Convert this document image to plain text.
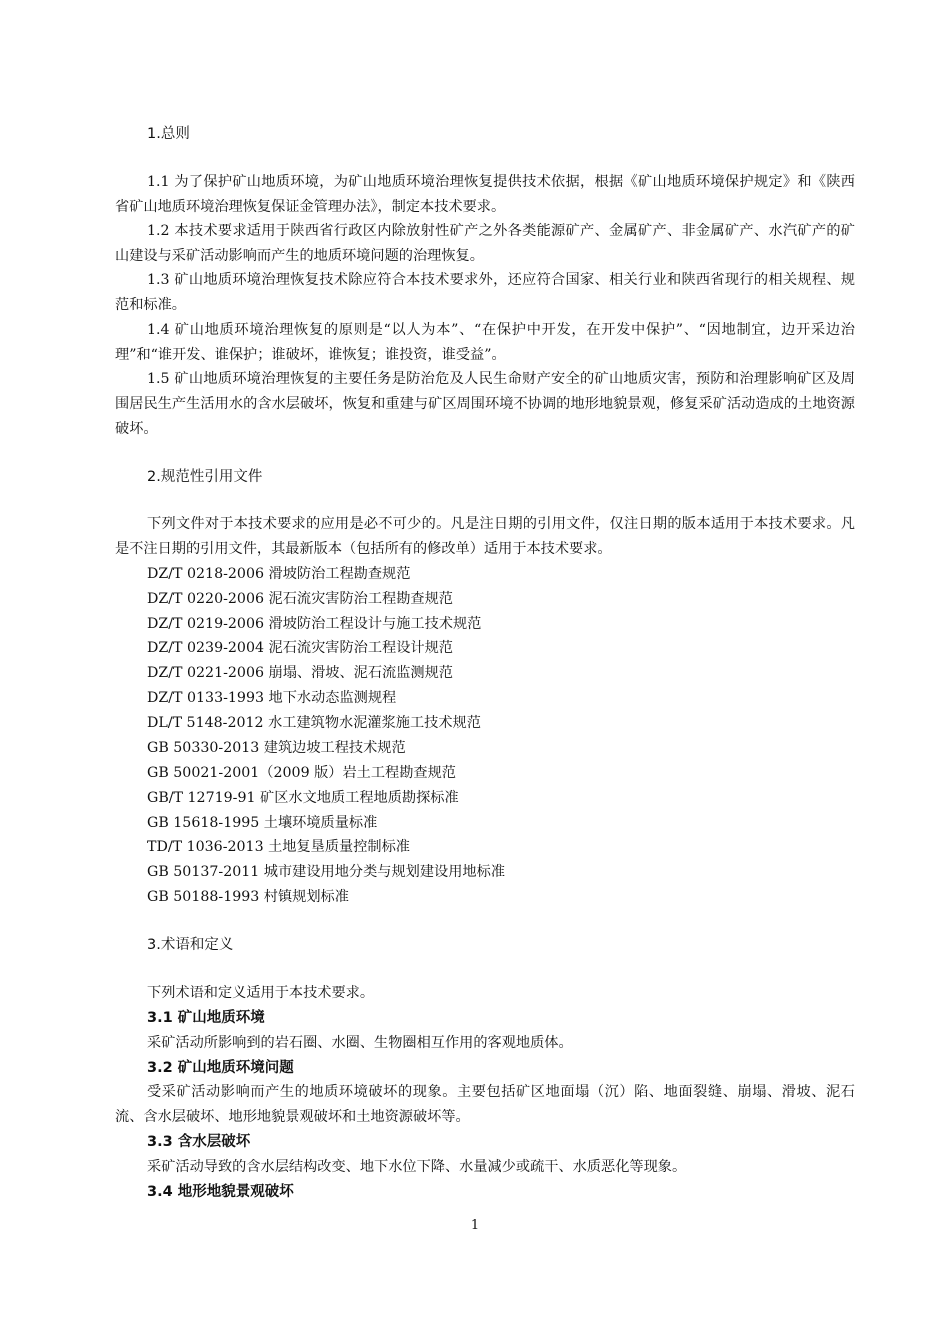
1.总则

1.1 为了保护矿山地质环境，为矿山地质环境治理恢复提供技术依据，根据《矿山地质环境保护规定》和《陕西省矿山地质环境治理恢复保证金管理办法》，制定本技术要求。

1.2 本技术要求适用于陕西省行政区内除放射性矿产之外各类能源矿产、金属矿产、非金属矿产、水汽矿产的矿山建设与采矿活动影响而产生的地质环境问题的治理恢复。

1.3 矿山地质环境治理恢复技术除应符合本技术要求外，还应符合国家、相关行业和陕西省现行的相关规程、规范和标准。

1.4 矿山地质环境治理恢复的原则是“以人为本”、“在保护中开发，在开发中保护”、“因地制宜，边开采边治理”和“谁开发、谁保护；谁破坏，谁恢复；谁投资，谁受益”。

1.5 矿山地质环境治理恢复的主要任务是防治危及人民生命财产安全的矿山地质灾害，预防和治理影响矿区及周围居民生产生活用水的含水层破坏，恢复和重建与矿区周围环境不协调的地形地貌景观，修复采矿活动造成的土地资源破坏。

2.规范性引用文件

下列文件对于本技术要求的应用是必不可少的。凡是注日期的引用文件，仅注日期的版本适用于本技术要求。凡是不注日期的引用文件，其最新版本（包括所有的修改单）适用于本技术要求。

DZ/T 0218-2006 滑坡防治工程勘查规范

DZ/T 0220-2006 泥石流灾害防治工程勘查规范

DZ/T 0219-2006 滑坡防治工程设计与施工技术规范

DZ/T 0239-2004 泥石流灾害防治工程设计规范

DZ/T 0221-2006 崩塌、滑坡、泥石流监测规范

DZ/T 0133-1993 地下水动态监测规程

DL/T 5148-2012 水工建筑物水泥灌浆施工技术规范

GB 50330-2013 建筑边坡工程技术规范

GB 50021-2001（2009 版）岩土工程勘查规范

GB/T 12719-91 矿区水文地质工程地质勘探标准

GB 15618-1995 土壤环境质量标准

TD/T 1036-2013 土地复垦质量控制标准

GB 50137-2011 城市建设用地分类与规划建设用地标准

GB 50188-1993 村镇规划标准

3.术语和定义

下列术语和定义适用于本技术要求。

3.1 矿山地质环境

采矿活动所影响到的岩石圈、水圈、生物圈相互作用的客观地质体。

3.2 矿山地质环境问题

受采矿活动影响而产生的地质环境破坏的现象。主要包括矿区地面塌（沉）陷、地面裂缝、崩塌、滑坡、泥石流、含水层破坏、地形地貌景观破坏和土地资源破坏等。

3.3 含水层破坏

采矿活动导致的含水层结构改变、地下水位下降、水量减少或疏干、水质恶化等现象。

3.4 地形地貌景观破坏
1
